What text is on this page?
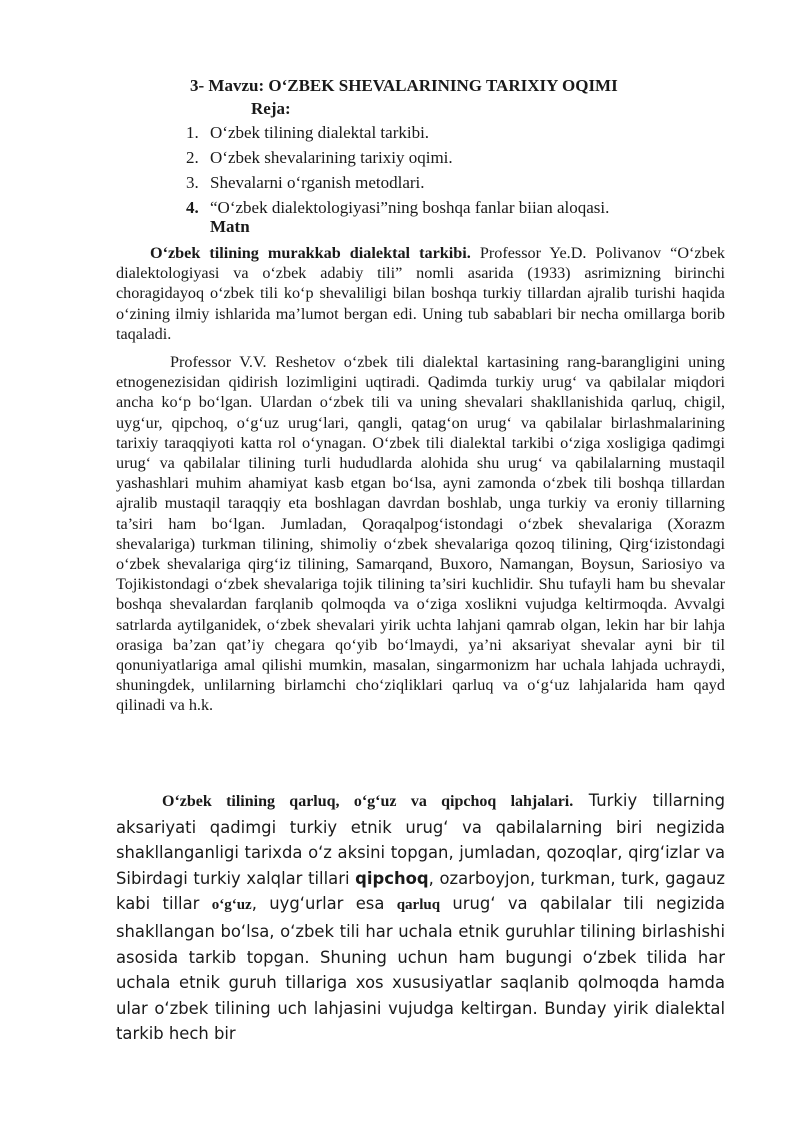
3- Mavzu: O‘ZBEK SHEVALARINING TARIXIY OQIMI
Reja:
1. O‘zbek tilining dialektal tarkibi.
2. O‘zbek shevalarining tarixiy oqimi.
3. Shevalarni o‘rganish metodlari.
4. “O‘zbek dialektologiyasi”ning boshqa fanlar biian aloqasi.
Matn

O‘zbek tilining murakkab dialektal tarkibi. Professor Ye.D. Polivanov “O‘zbek dialektologiyasi va o‘zbek adabiy tili” nomli asarida (1933) asrimizning birinchi choragidayoq o‘zbek tili ko‘p shevaliligi bilan boshqa turkiy tillardan ajralib turishi haqida o‘zining ilmiy ishlarida ma’lumot bergan edi. Uning tub sabablari bir necha omillarga borib taqaladi.

Professor V.V. Reshetov o‘zbek tili dialektal kartasining rang-barangligini uning etnogenezisidan qidirish lozimligini uqtiradi. Qadimda turkiy urug‘ va qabilalar miqdori ancha ko‘p bo‘lgan. Ulardan o‘zbek tili va uning shevalari shakllanishida qarluq, chigil, uyg‘ur, qipchoq, o‘g‘uz urug‘lari, qangli, qatag‘on urug‘ va qabilalar birlashmalarining tarixiy taraqqiyoti katta rol o‘ynagan. O‘zbek tili dialektal tarkibi o‘ziga xosligiga qadimgi urug‘ va qabilalar tilining turli hududlarda alohida shu urug‘ va qabilalarning mustaqil yashashlari muhim ahamiyat kasb etgan bo‘lsa, ayni zamonda o‘zbek tili boshqa tillardan ajralib mustaqil taraqqiy eta boshlagan davrdan boshlab, unga turkiy va eroniy tillarning ta’siri ham bo‘lgan. Jumladan, Qoraqalpog‘istondagi o‘zbek shevalariga (Xorazm shevalariga) turkman tilining, shimoliy o‘zbek shevalariga qozoq tilining, Qirg‘izistondagi o‘zbek shevalariga qirg‘iz tilining, Samarqand, Buxoro, Namangan, Boysun, Sariosiyo va Tojikistondagi o‘zbek shevalariga tojik tilining ta’siri kuchlidir. Shu tufayli ham bu shevalar boshqa shevalardan farqlanib qolmoqda va o‘ziga xoslikni vujudga keltirmoqda. Avvalgi satrlarda aytilganidek, o‘zbek shevalari yirik uchta lahjani qamrab olgan, lekin har bir lahja orasiga ba’zan qat’iy chegara qo‘yib bo‘lmaydi, ya’ni aksariyat shevalar ayni bir til qonuniyatlariga amal qilishi mumkin, masalan, singarmonizm har uchala lahjada uchraydi, shuningdek, unlilarning birlamchi cho‘ziqliklari qarluq va o‘g‘uz lahjalarida ham qayd qilinadi va h.k.

O‘zbek tilining qarluq, o‘g‘uz va qipchoq lahjalari. Turkiy tillarning aksariyati qadimgi turkiy etnik urug‘ va qabilalarning biri negizida shakllanganligi tarixda o‘z aksini topgan, jumladan, qozoqlar, qirg‘izlar va Sibirdagi turkiy xalqlar tillari qipchoq, ozarboyjon, turkman, turk, gagauz kabi tillar o‘g‘uz, uyg‘urlar esa qarluq urug‘ va qabilalar tili negizida shakllangan bo‘lsa, o‘zbek tili har uchala etnik guruhlar tilining birlashishi asosida tarkib topgan. Shuning uchun ham bugungi o‘zbek tilida har uchala etnik guruh tillariga xos xususiyatlar saqlanib qolmoqda hamda ular o‘zbek tilining uch lahjasini vujudga keltirgan. Bunday yirik dialektal tarkib hech bir
